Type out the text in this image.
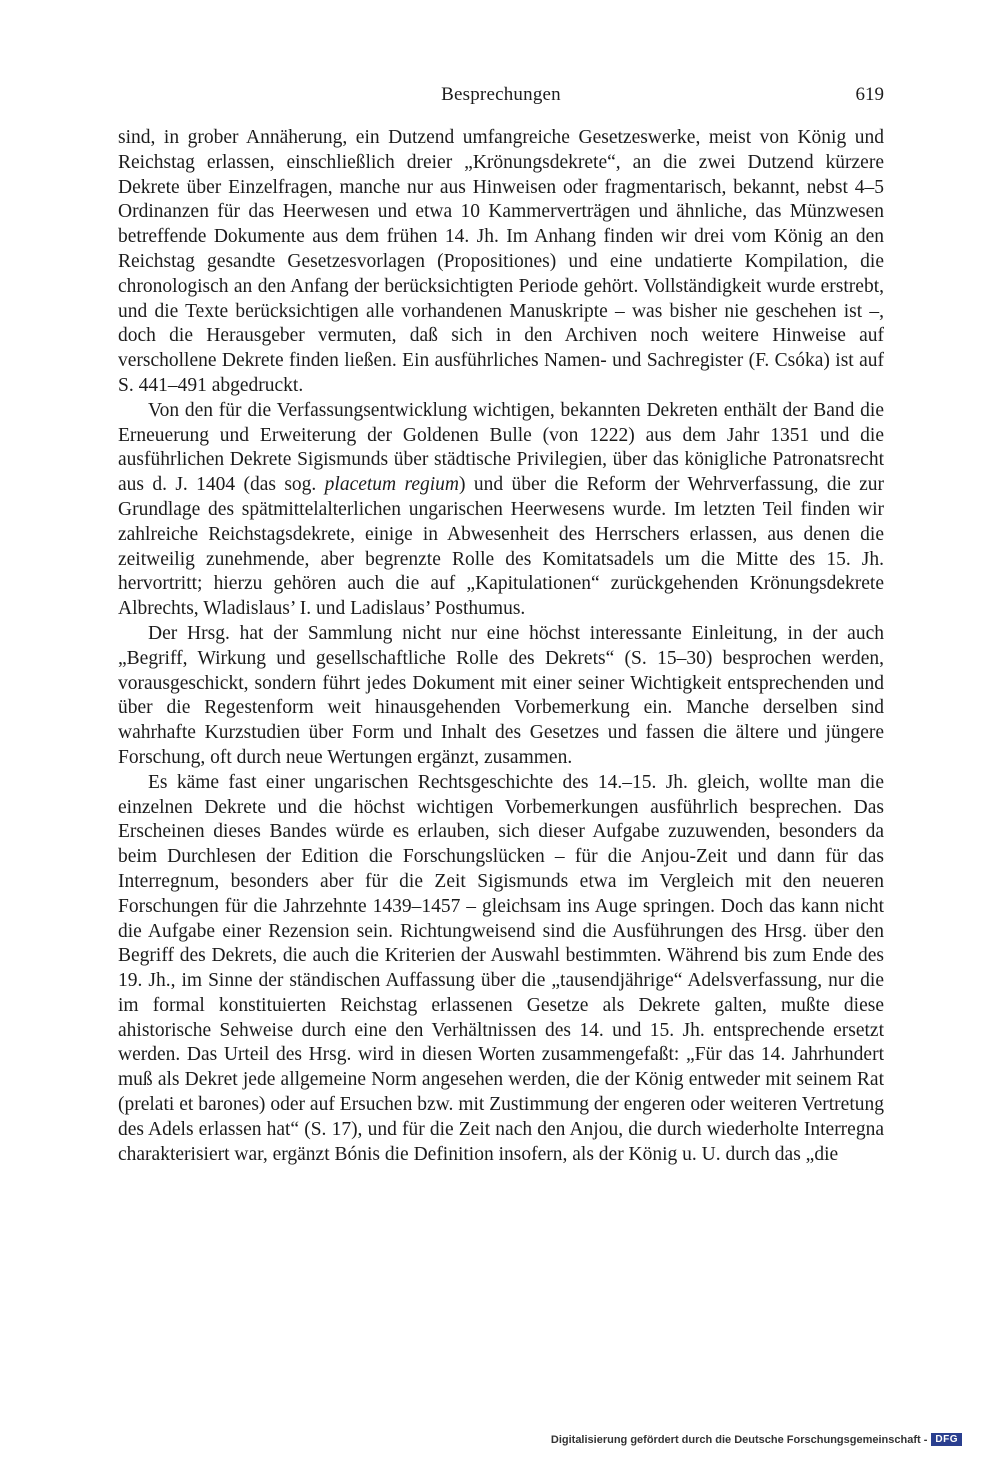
Besprechungen	619

sind, in grober Annäherung, ein Dutzend umfangreiche Gesetzeswerke, meist von König und Reichstag erlassen, einschließlich dreier „Krönungsdekrete“, an die zwei Dutzend kürzere Dekrete über Einzelfragen, manche nur aus Hinweisen oder fragmentarisch, bekannt, nebst 4–5 Ordinanzen für das Heerwesen und etwa 10 Kammerverträgen und ähnliche, das Münzwesen betreffende Dokumente aus dem frühen 14. Jh. Im Anhang finden wir drei vom König an den Reichstag gesandte Gesetzesvorlagen (Propositiones) und eine undatierte Kompilation, die chronologisch an den Anfang der berücksichtigten Periode gehört. Vollständigkeit wurde erstrebt, und die Texte berücksichtigen alle vorhandenen Manuskripte – was bisher nie geschehen ist –, doch die Herausgeber vermuten, daß sich in den Archiven noch weitere Hinweise auf verschollene Dekrete finden ließen. Ein ausführliches Namen- und Sachregister (F. Csóka) ist auf S. 441–491 abgedruckt.

Von den für die Verfassungsentwicklung wichtigen, bekannten Dekreten enthält der Band die Erneuerung und Erweiterung der Goldenen Bulle (von 1222) aus dem Jahr 1351 und die ausführlichen Dekrete Sigismunds über städtische Privilegien, über das königliche Patronatsrecht aus d. J. 1404 (das sog. placetum regium) und über die Reform der Wehrverfassung, die zur Grundlage des spätmittelalterlichen ungarischen Heerwesens wurde. Im letzten Teil finden wir zahlreiche Reichstagsdekrete, einige in Abwesenheit des Herrschers erlassen, aus denen die zeitweilig zunehmende, aber begrenzte Rolle des Komitatsadels um die Mitte des 15. Jh. hervortritt; hierzu gehören auch die auf „Kapitulationen“ zurückgehenden Krönungsdekrete Albrechts, Wladislaus’ I. und Ladislaus’ Posthumus.

Der Hrsg. hat der Sammlung nicht nur eine höchst interessante Einleitung, in der auch „Begriff, Wirkung und gesellschaftliche Rolle des Dekrets“ (S. 15–30) besprochen werden, vorausgeschickt, sondern führt jedes Dokument mit einer seiner Wichtigkeit entsprechenden und über die Regestenform weit hinausgehenden Vorbemerkung ein. Manche derselben sind wahrhafte Kurzstudien über Form und Inhalt des Gesetzes und fassen die ältere und jüngere Forschung, oft durch neue Wertungen ergänzt, zusammen.

Es käme fast einer ungarischen Rechtsgeschichte des 14.–15. Jh. gleich, wollte man die einzelnen Dekrete und die höchst wichtigen Vorbemerkungen ausführlich besprechen. Das Erscheinen dieses Bandes würde es erlauben, sich dieser Aufgabe zuzuwenden, besonders da beim Durchlesen der Edition die Forschungslücken – für die Anjou-Zeit und dann für das Interregnum, besonders aber für die Zeit Sigismunds etwa im Vergleich mit den neueren Forschungen für die Jahrzehnte 1439–1457 – gleichsam ins Auge springen. Doch das kann nicht die Aufgabe einer Rezension sein. Richtungweisend sind die Ausführungen des Hrsg. über den Begriff des Dekrets, die auch die Kriterien der Auswahl bestimmten. Während bis zum Ende des 19. Jh., im Sinne der ständischen Auffassung über die „tausendjährige“ Adelsverfassung, nur die im formal konstituierten Reichstag erlassenen Gesetze als Dekrete galten, mußte diese ahistorische Sehweise durch eine den Verhältnissen des 14. und 15. Jh. entsprechende ersetzt werden. Das Urteil des Hrsg. wird in diesen Worten zusammengefaßt: „Für das 14. Jahrhundert muß als Dekret jede allgemeine Norm angesehen werden, die der König entweder mit seinem Rat (prelati et barones) oder auf Ersuchen bzw. mit Zustimmung der engeren oder weiteren Vertretung des Adels erlassen hat“ (S. 17), und für die Zeit nach den Anjou, die durch wiederholte Interregna charakterisiert war, ergänzt Bónis die Definition insofern, als der König u. U. durch das „die

Digitalisierung gefördert durch die Deutsche Forschungsgemeinschaft - DFG
